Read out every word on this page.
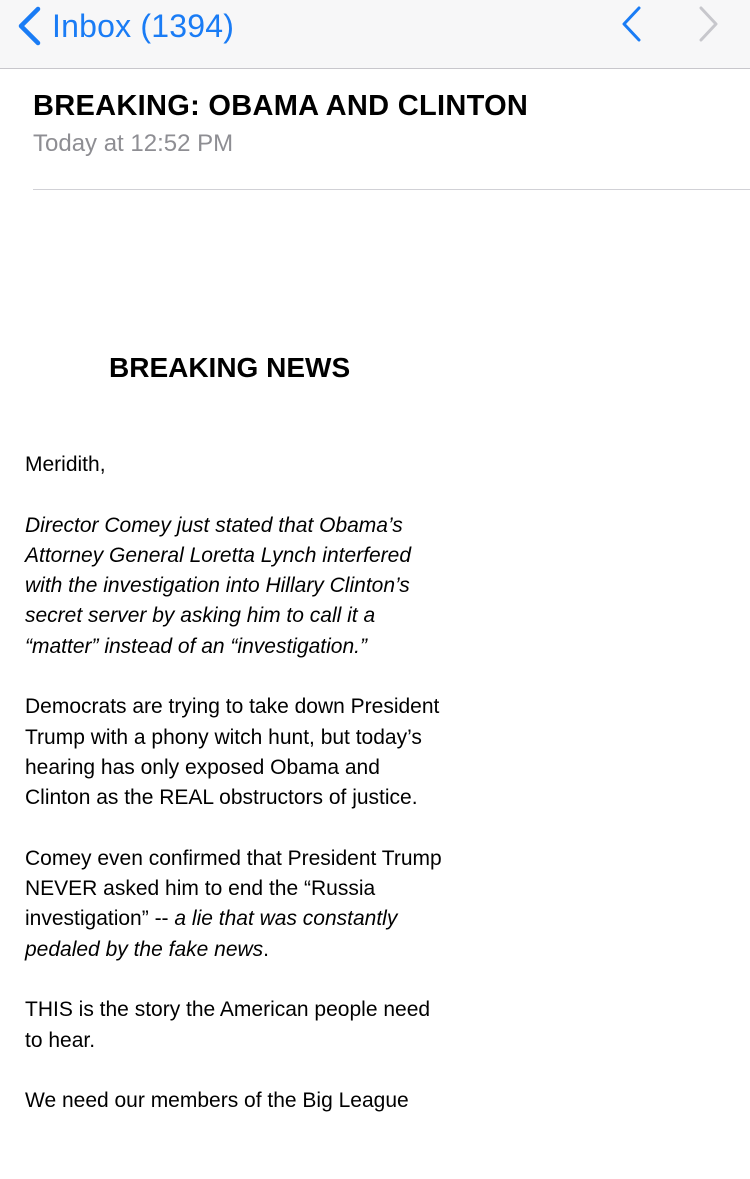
Inbox (1394)
BREAKING: OBAMA AND CLINTON
Today at 12:52 PM
BREAKING NEWS

Meridith,

Director Comey just stated that Obama’s Attorney General Loretta Lynch interfered with the investigation into Hillary Clinton’s secret server by asking him to call it a “matter” instead of an “investigation.”

Democrats are trying to take down President Trump with a phony witch hunt, but today’s hearing has only exposed Obama and Clinton as the REAL obstructors of justice.

Comey even confirmed that President Trump NEVER asked him to end the “Russia investigation” -- a lie that was constantly pedaled by the fake news.

THIS is the story the American people need to hear.

We need our members of the Big League
